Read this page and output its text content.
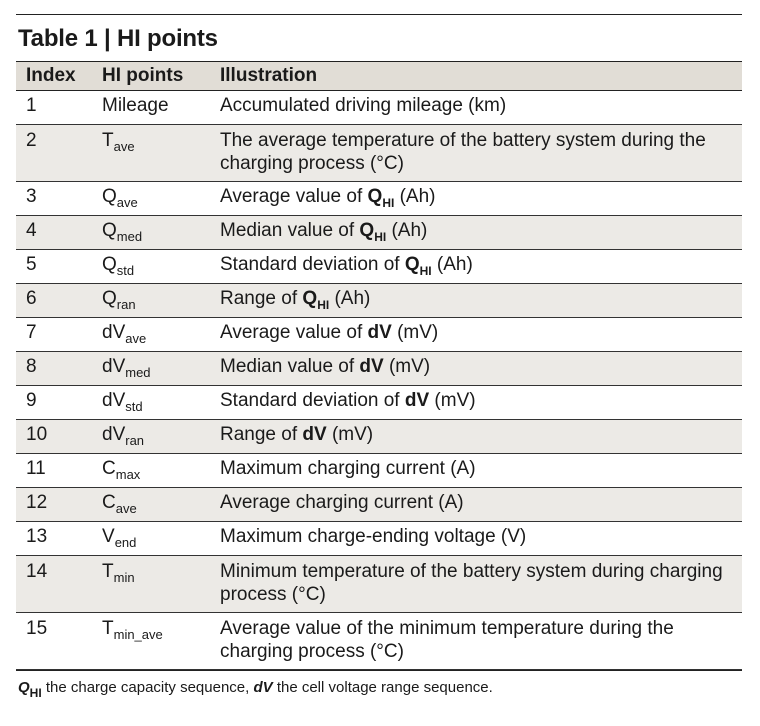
Table 1 | HI points
Index	HI points	Illustration
1	Mileage	Accumulated driving mileage (km)
2	$T_{ave}$	The average temperature of the battery system during the charging process (°C)
3	$Q_{ave}$	Average value of $Q_{HI}$ (Ah)
4	$Q_{med}$	Median value of $Q_{HI}$ (Ah)
5	$Q_{std}$	Standard deviation of $Q_{HI}$ (Ah)
6	$Q_{ran}$	Range of $Q_{HI}$ (Ah)
7	$dV_{ave}$	Average value of dV (mV)
8	$dV_{med}$	Median value of dV (mV)
9	$dV_{std}$	Standard deviation of dV (mV)
10	$dV_{ran}$	Range of dV (mV)
11	$C_{max}$	Maximum charging current (A)
12	$C_{ave}$	Average charging current (A)
13	$V_{end}$	Maximum charge-ending voltage (V)
14	$T_{min}$	Minimum temperature of the battery system during charging process (°C)
15	$T_{min\_ave}$	Average value of the minimum temperature during the charging process (°C)
$Q_{HI}$ the charge capacity sequence, dV the cell voltage range sequence.
